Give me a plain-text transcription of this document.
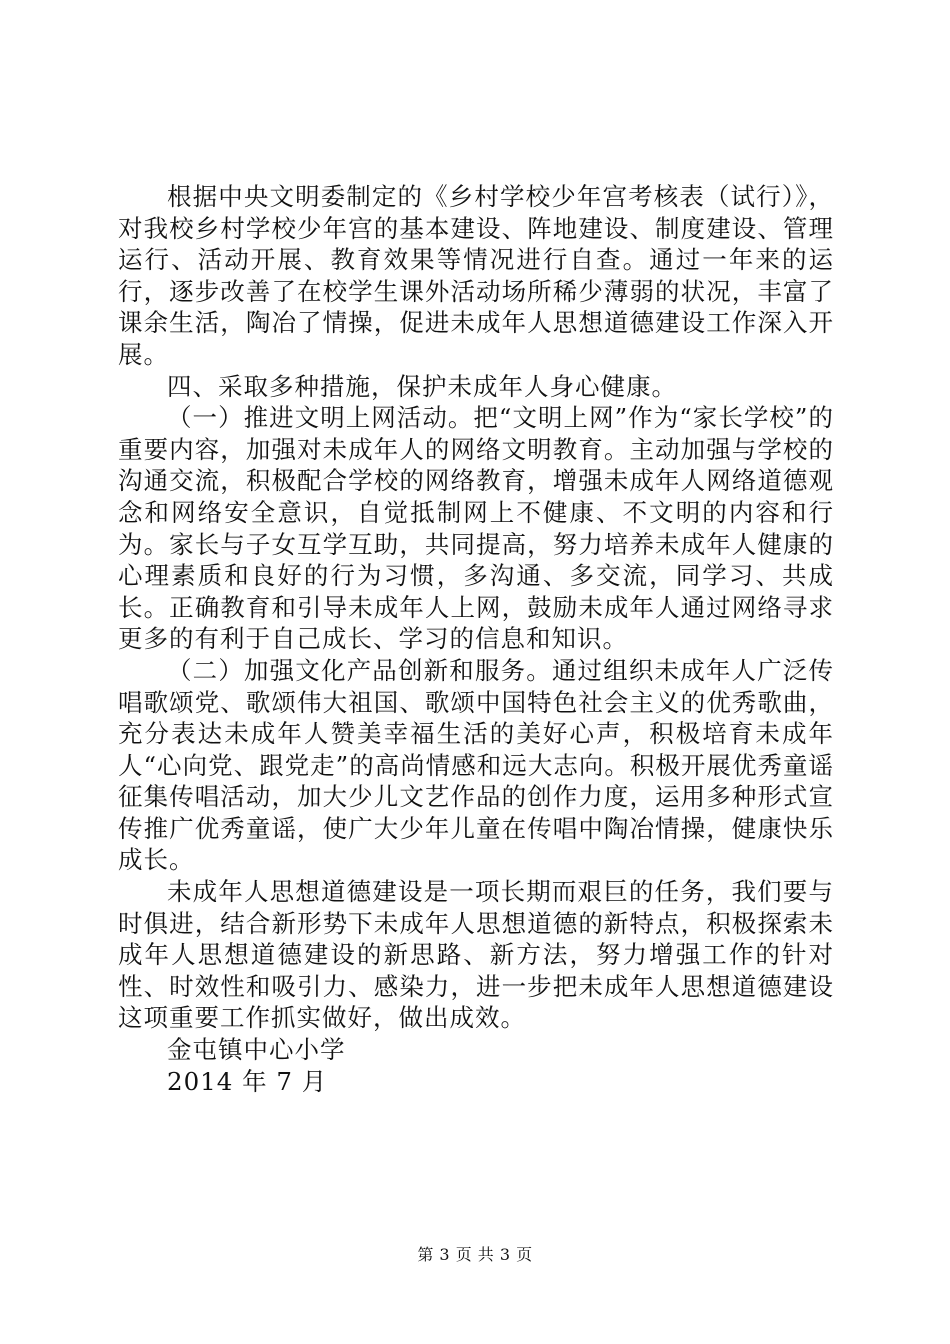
根据中央文明委制定的《乡村学校少年宫考核表（试行）》，对我校乡村学校少年宫的基本建设、阵地建设、制度建设、管理运行、活动开展、教育效果等情况进行自查。通过一年来的运行，逐步改善了在校学生课外活动场所稀少薄弱的状况，丰富了课余生活，陶冶了情操，促进未成年人思想道德建设工作深入开展。

四、采取多种措施，保护未成年人身心健康。

（一）推进文明上网活动。把“文明上网”作为“家长学校”的重要内容，加强对未成年人的网络文明教育。主动加强与学校的沟通交流，积极配合学校的网络教育，增强未成年人网络道德观念和网络安全意识，自觉抵制网上不健康、不文明的内容和行为。家长与子女互学互助，共同提高，努力培养未成年人健康的心理素质和良好的行为习惯，多沟通、多交流，同学习、共成长。正确教育和引导未成年人上网，鼓励未成年人通过网络寻求更多的有利于自己成长、学习的信息和知识。

（二）加强文化产品创新和服务。通过组织未成年人广泛传唱歌颂党、歌颂伟大祖国、歌颂中国特色社会主义的优秀歌曲，充分表达未成年人赞美幸福生活的美好心声，积极培育未成年人“心向党、跟党走”的高尚情感和远大志向。积极开展优秀童谣征集传唱活动，加大少儿文艺作品的创作力度，运用多种形式宣传推广优秀童谣，使广大少年儿童在传唱中陶冶情操，健康快乐成长。

未成年人思想道德建设是一项长期而艰巨的任务，我们要与时俱进，结合新形势下未成年人思想道德的新特点，积极探索未成年人思想道德建设的新思路、新方法，努力增强工作的针对性、时效性和吸引力、感染力，进一步把未成年人思想道德建设这项重要工作抓实做好，做出成效。

金屯镇中心小学

2014 年 7 月

第 3 页 共 3 页
